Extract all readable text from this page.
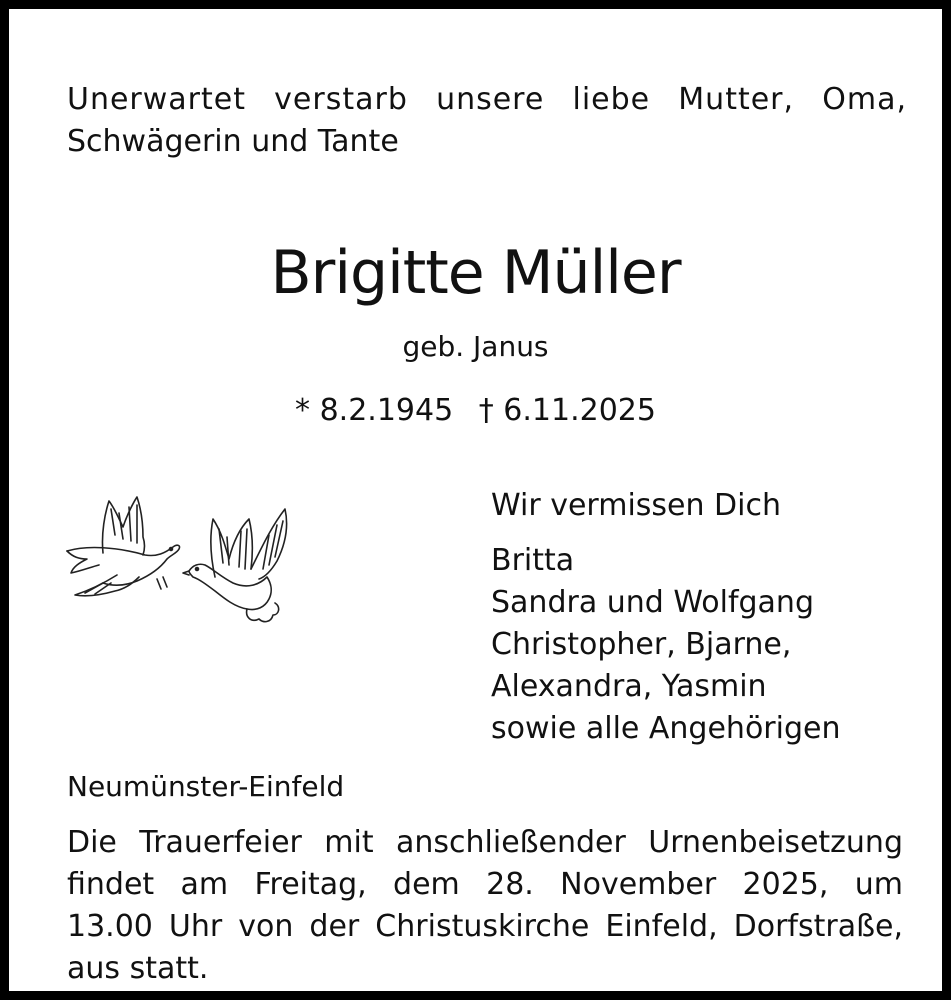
Unerwartet verstarb unsere liebe Mutter, Oma,
Schwägerin und Tante
Brigitte Müller
geb. Janus
* 8.2.1945 † 6.11.2025
Wir vermissen Dich
Britta
Sandra und Wolfgang
Christopher, Bjarne,
Alexandra, Yasmin
sowie alle Angehörigen
Neumünster-Einfeld
Die Trauerfeier mit anschließender Urnenbeisetzung
findet am Freitag, dem 28. November 2025, um
13.00 Uhr von der Christuskirche Einfeld, Dorfstraße,
aus statt.
